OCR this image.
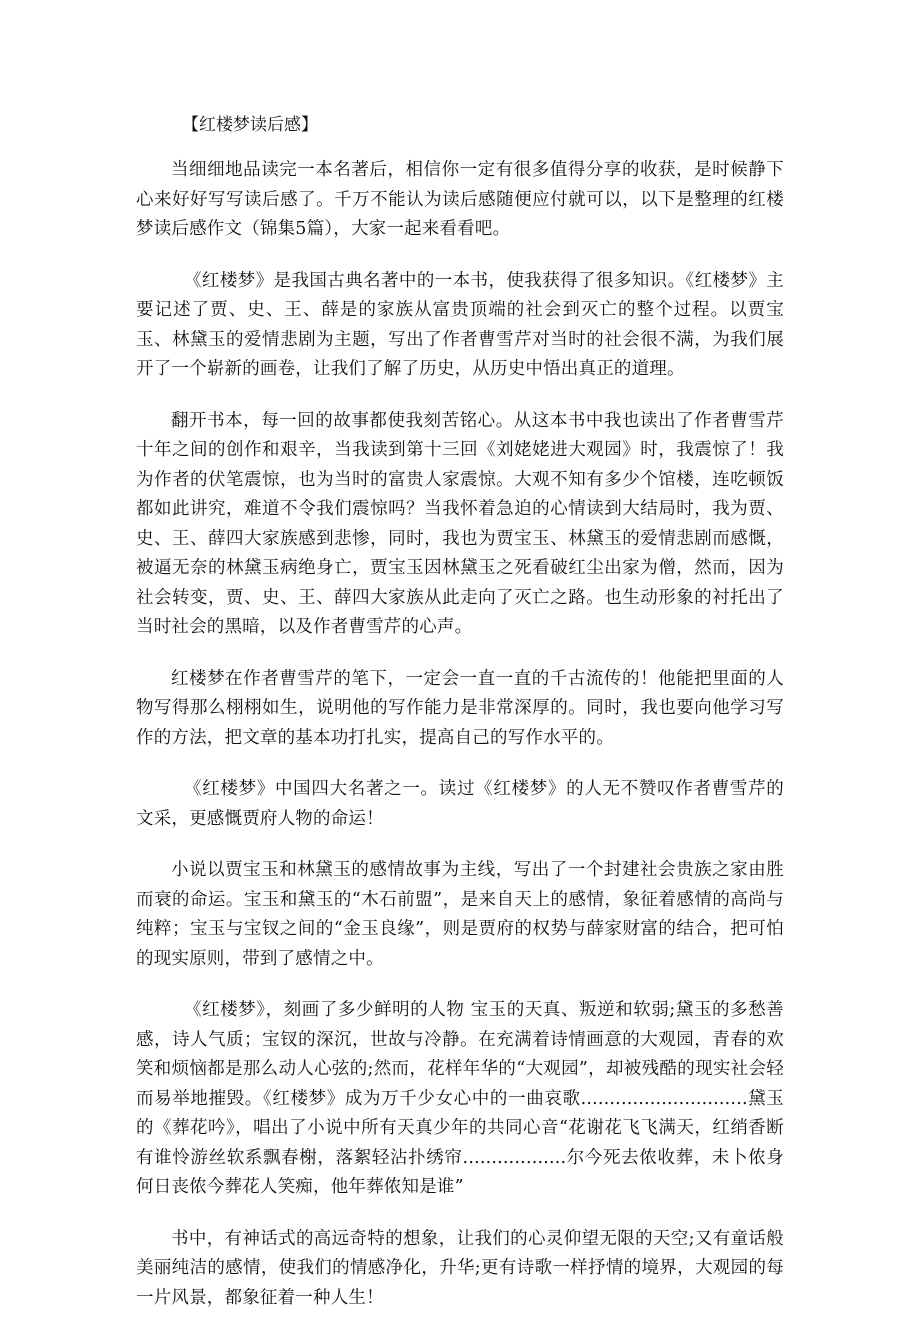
【红楼梦读后感】

当细细地品读完一本名著后，相信你一定有很多值得分享的收获，是时候静下心来好好写写读后感了。千万不能认为读后感随便应付就可以，以下是整理的红楼梦读后感作文（锦集5篇），大家一起来看看吧。

《红楼梦》是我国古典名著中的一本书，使我获得了很多知识。《红楼梦》主要记述了贾、史、王、薛是的家族从富贵顶端的社会到灭亡的整个过程。以贾宝玉、林黛玉的爱情悲剧为主题，写出了作者曹雪芹对当时的社会很不满，为我们展开了一个崭新的画卷，让我们了解了历史，从历史中悟出真正的道理。

翻开书本，每一回的故事都使我刻苦铭心。从这本书中我也读出了作者曹雪芹十年之间的创作和艰辛，当我读到第十三回《刘姥姥进大观园》时，我震惊了！我为作者的伏笔震惊，也为当时的富贵人家震惊。大观不知有多少个馆楼，连吃顿饭都如此讲究，难道不令我们震惊吗？当我怀着急迫的心情读到大结局时，我为贾、史、王、薛四大家族感到悲惨，同时，我也为贾宝玉、林黛玉的爱情悲剧而感慨，被逼无奈的林黛玉病绝身亡，贾宝玉因林黛玉之死看破红尘出家为僧，然而，因为社会转变，贾、史、王、薛四大家族从此走向了灭亡之路。也生动形象的衬托出了当时社会的黑暗，以及作者曹雪芹的心声。

红楼梦在作者曹雪芹的笔下，一定会一直一直的千古流传的！他能把里面的人物写得那么栩栩如生，说明他的写作能力是非常深厚的。同时，我也要向他学习写作的方法，把文章的基本功打扎实，提高自己的写作水平的。

《红楼梦》中国四大名著之一。读过《红楼梦》的人无不赞叹作者曹雪芹的文采，更感慨贾府人物的命运！

小说以贾宝玉和林黛玉的感情故事为主线，写出了一个封建社会贵族之家由胜而衰的命运。宝玉和黛玉的“木石前盟”，是来自天上的感情，象征着感情的高尚与纯粹；宝玉与宝钗之间的“金玉良缘”，则是贾府的权势与薛家财富的结合，把可怕的现实原则，带到了感情之中。

《红楼梦》，刻画了多少鲜明的人物 宝玉的天真、叛逆和软弱;黛玉的多愁善感，诗人气质；宝钗的深沉，世故与冷静。在充满着诗情画意的大观园，青春的欢笑和烦恼都是那么动人心弦的;然而，花样年华的“大观园”，却被残酷的现实社会轻而易举地摧毁。《红楼梦》成为万千少女心中的一曲哀歌.............................黛玉的《葬花吟》，唱出了小说中所有天真少年的共同心音“花谢花飞飞满天，红绡香断有谁怜游丝软系飘春榭，落絮轻沾扑绣帘..................尔今死去侬收葬，未卜侬身何日丧侬今葬花人笑痴，他年葬侬知是谁”

书中，有神话式的高远奇特的想象，让我们的心灵仰望无限的天空;又有童话般美丽纯洁的感情，使我们的情感净化，升华;更有诗歌一样抒情的境界，大观园的每一片风景，都象征着一种人生！
